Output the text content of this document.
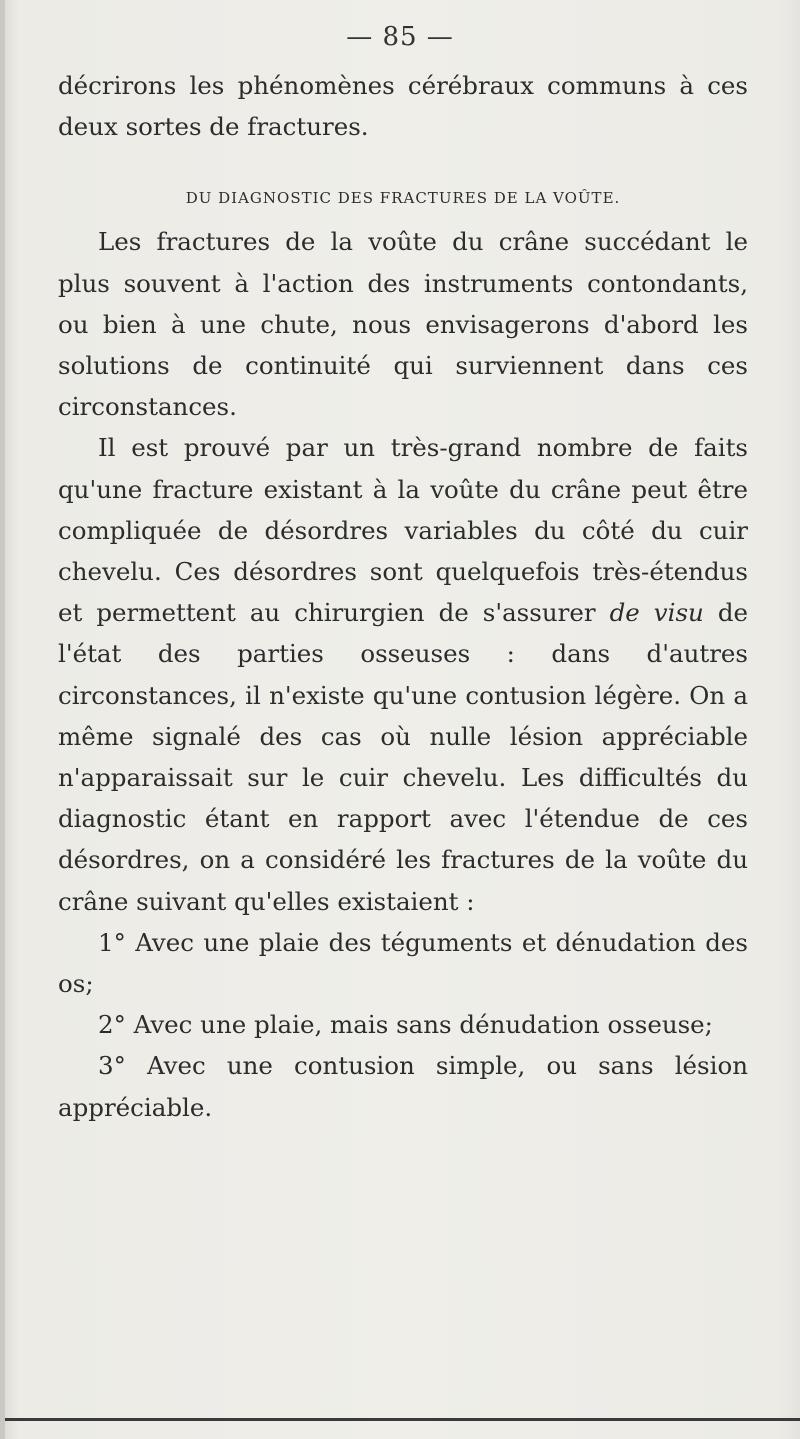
— 85 —

décrirons les phénomènes cérébraux communs à ces deux sortes de fractures.

DU DIAGNOSTIC DES FRACTURES DE LA VOÛTE.

Les fractures de la voûte du crâne succédant le plus souvent à l'action des instruments contondants, ou bien à une chute, nous envisagerons d'abord les solutions de continuité qui surviennent dans ces circonstances.

Il est prouvé par un très-grand nombre de faits qu'une fracture existant à la voûte du crâne peut être compliquée de désordres variables du côté du cuir chevelu. Ces désordres sont quelquefois très-étendus et permettent au chirurgien de s'assurer de visu de l'état des parties osseuses : dans d'autres circonstances, il n'existe qu'une contusion légère. On a même signalé des cas où nulle lésion appréciable n'apparaissait sur le cuir chevelu. Les difficultés du diagnostic étant en rapport avec l'étendue de ces désordres, on a considéré les fractures de la voûte du crâne suivant qu'elles existaient :

1° Avec une plaie des téguments et dénudation des os;

2° Avec une plaie, mais sans dénudation osseuse;

3° Avec une contusion simple, ou sans lésion appréciable.
